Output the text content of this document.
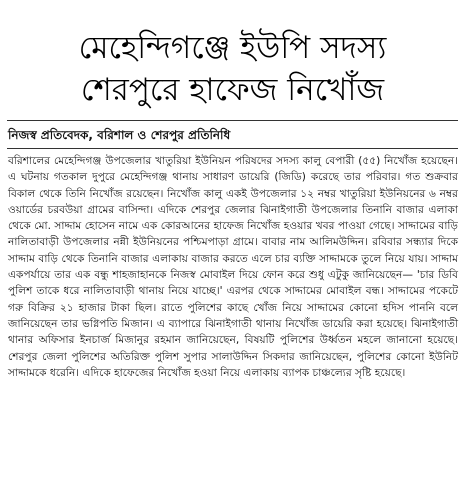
মেহেন্দিগঞ্জে ইউপি সদস্য
শেরপুরে হাফেজ নিখোঁজ
নিজস্ব প্রতিবেদক, বরিশাল ও শেরপুর প্রতিনিধি

বরিশালের মেহেন্দিগঞ্জ উপজেলার খাতুরিয়া ইউনিয়ন পরিষদের সদস্য কালু বেপারী (৫৫) নিখোঁজ হয়েছেন। এ ঘটনায় গতকাল দুপুরে মেহেন্দিগঞ্জ থানায় সাধারণ ডায়েরি (জিডি) করেছে তার পরিবার। গত শুক্রবার বিকাল থেকে তিনি নিখোঁজ রয়েছেন। নিখোঁজ কালু একই উপজেলার ১২ নম্বর খাতুরিয়া ইউনিয়নের ৬ নম্বর ওয়ার্ডের চরবউয়া গ্রামের বাসিন্দা। এদিকে শেরপুর জেলার ঝিনাইগাতী উপজেলার তিনানি বাজার এলাকা থেকে মো. সাদ্দাম হোসেন নামে এক কোরআনের হাফেজ নিখোঁজ হওয়ার খবর পাওয়া গেছে। সাদ্দামের বাড়ি নালিতাবাড়ী উপজেলার নন্নী ইউনিয়নের পশ্চিমপাড়া গ্রামে। বাবার নাম আলিমউদ্দিন। রবিবার সন্ধ্যার দিকে সাদ্দাম বাড়ি থেকে তিনানি বাজার এলাকায় বাজার করতে এলে চার ব্যক্তি সাদ্দামকে তুলে নিয়ে যায়। সাদ্দাম একপর্যায়ে তার এক বন্ধু শাহজাহানকে নিজস্ব মোবাইল দিয়ে ফোন করে শুধু এটুকু জানিয়েছেন— 'চার ডিবি পুলিশ তাকে ধরে নালিতাবাড়ী থানায় নিয়ে যাচ্ছে।' এরপর থেকে সাদ্দামের মোবাইল বন্ধ। সাদ্দামের পকেটে গরু বিক্রির ২১ হাজার টাকা ছিল। রাতে পুলিশের কাছে খোঁজ নিয়ে সাদ্দামের কোনো হদিস পাননি বলে জানিয়েছেন তার ভগ্নিপতি মিজান। এ ব্যাপারে ঝিনাইগাতী থানায় নিখোঁজ ডায়েরি করা হয়েছে। ঝিনাইগাতী থানার অফিসার ইনচার্জ মিজানুর রহমান জানিয়েছেন, বিষয়টি পুলিশের উর্ধ্বতন মহলে জানানো হয়েছে। শেরপুর জেলা পুলিশের অতিরিক্ত পুলিশ সুপার সালাউদ্দিন সিকদার জানিয়েছেন, পুলিশের কোনো ইউনিট সাদ্দামকে ধরেনি। এদিকে হাফেজের নিখোঁজ হওয়া নিয়ে এলাকায় ব্যাপক চাঞ্চল্যের সৃষ্টি হয়েছে।
